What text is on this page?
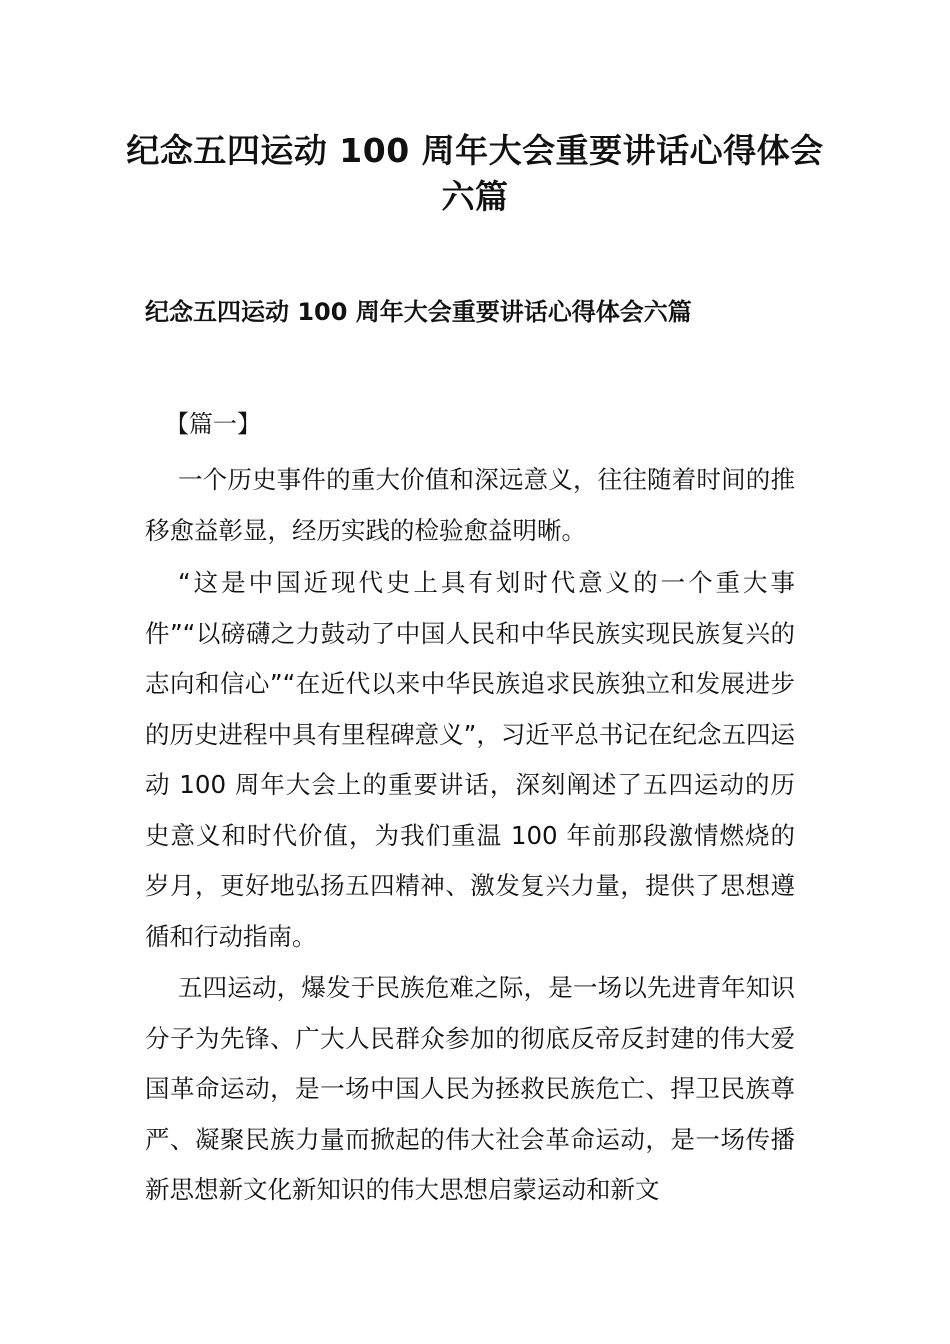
纪念五四运动 100 周年大会重要讲话心得体会六篇
纪念五四运动 100 周年大会重要讲话心得体会六篇

【篇一】

一个历史事件的重大价值和深远意义，往往随着时间的推移愈益彰显，经历实践的检验愈益明晰。

“这是中国近现代史上具有划时代意义的一个重大事件”“以磅礴之力鼓动了中国人民和中华民族实现民族复兴的志向和信心”“在近代以来中华民族追求民族独立和发展进步的历史进程中具有里程碑意义”，习近平总书记在纪念五四运动 100 周年大会上的重要讲话，深刻阐述了五四运动的历史意义和时代价值，为我们重温 100 年前那段激情燃烧的岁月，更好地弘扬五四精神、激发复兴力量，提供了思想遵循和行动指南。

五四运动，爆发于民族危难之际，是一场以先进青年知识分子为先锋、广大人民群众参加的彻底反帝反封建的伟大爱国革命运动，是一场中国人民为拯救民族危亡、捍卫民族尊严、凝聚民族力量而掀起的伟大社会革命运动，是一场传播新思想新文化新知识的伟大思想启蒙运动和新文
